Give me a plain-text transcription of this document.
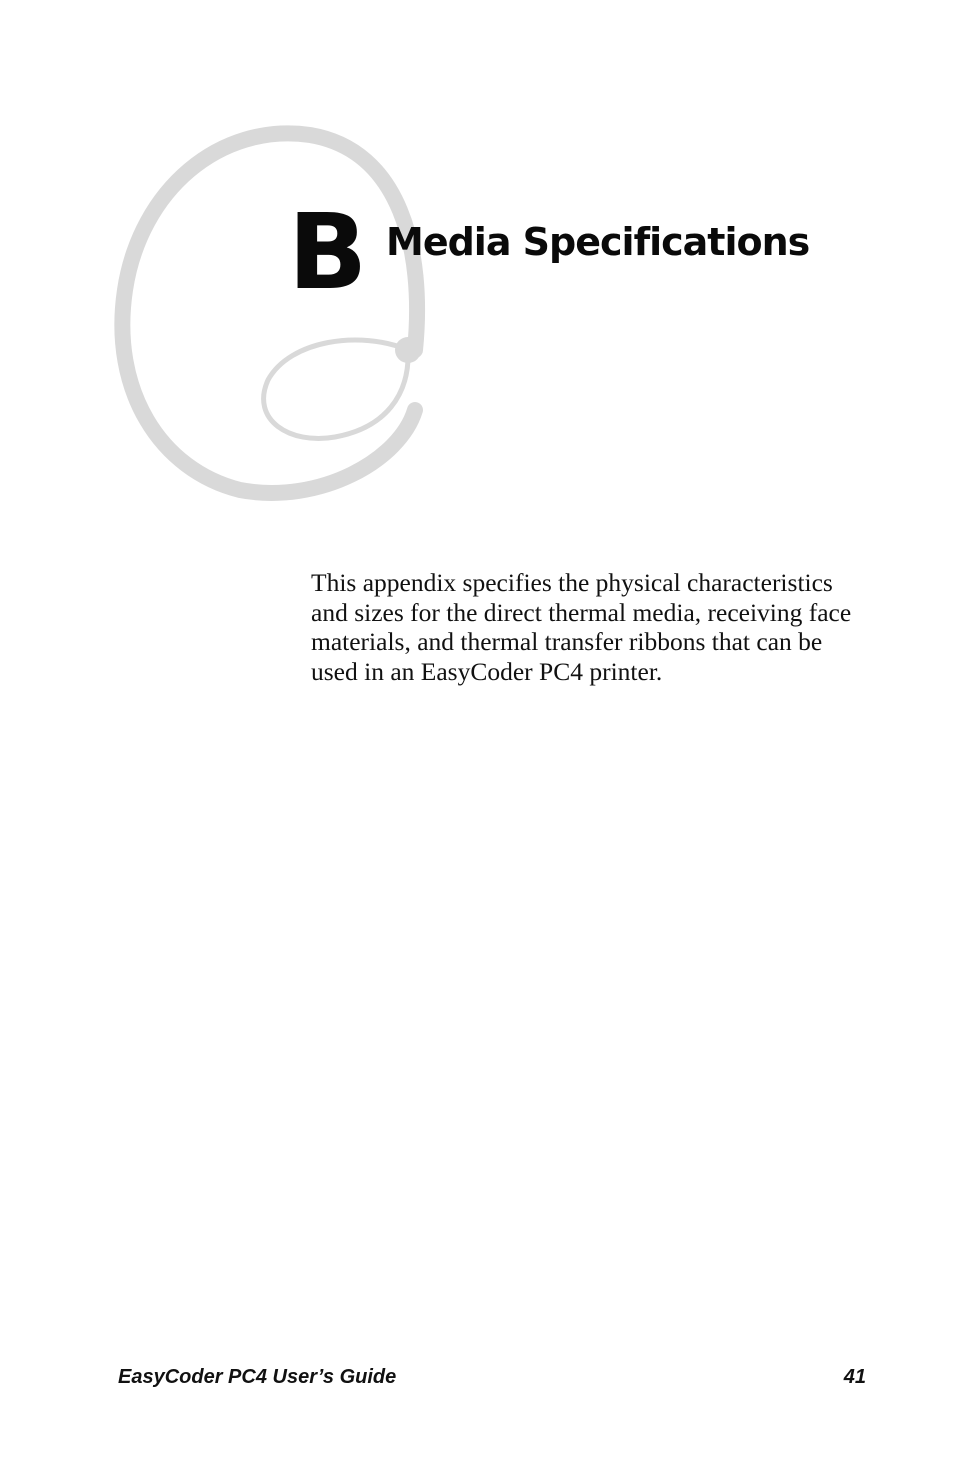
B Media Specifications

This appendix specifies the physical characteristics and sizes for the direct thermal media, receiving face materials, and thermal transfer ribbons that can be used in an EasyCoder PC4 printer.

EasyCoder PC4 User’s Guide	41
